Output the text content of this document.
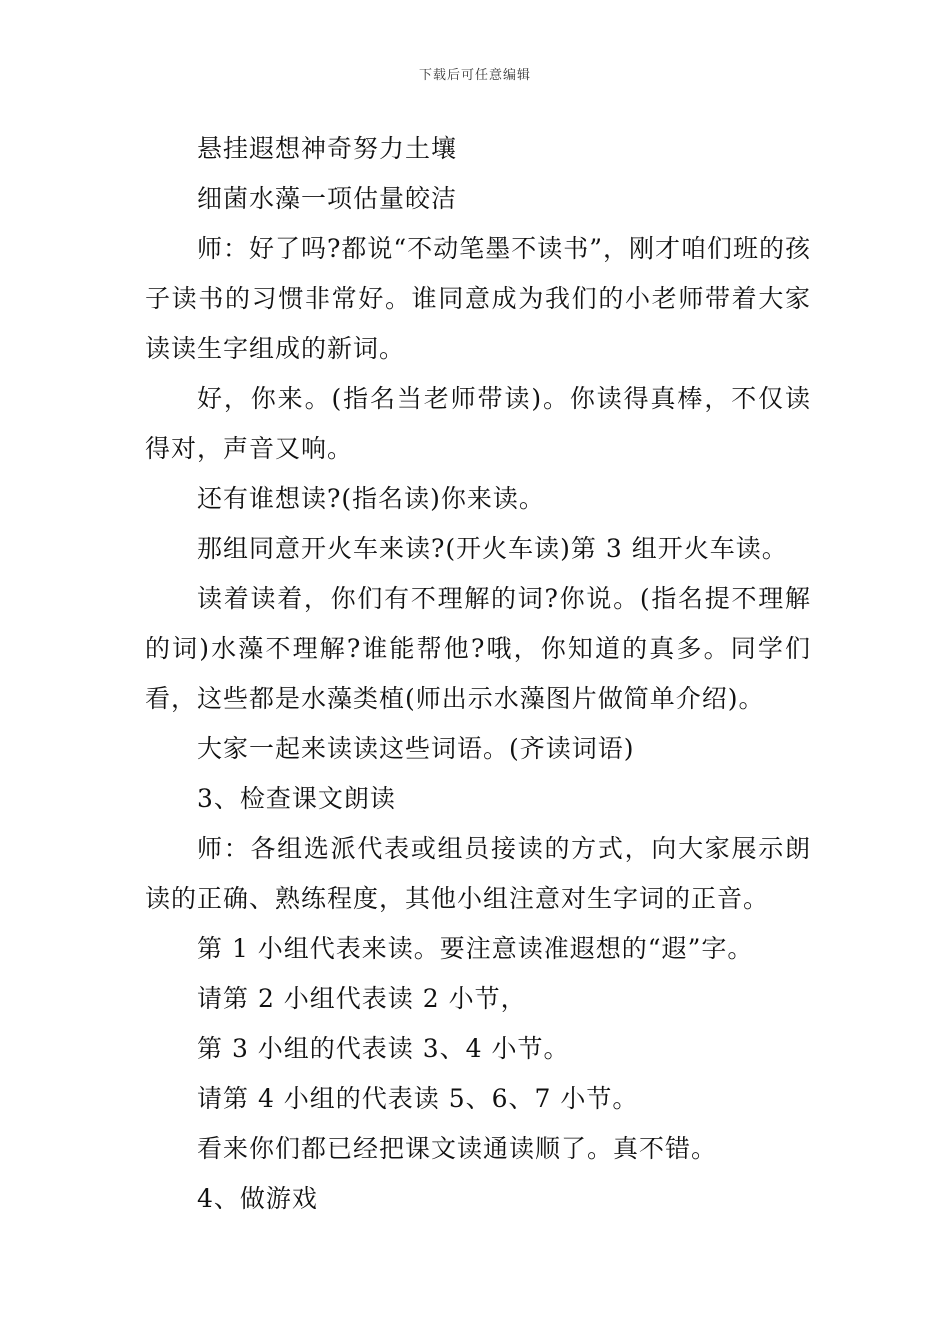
下载后可任意编辑

悬挂遐想神奇努力土壤

细菌水藻一项估量皎洁

师：好了吗?都说“不动笔墨不读书”，刚才咱们班的孩子读书的习惯非常好。谁同意成为我们的小老师带着大家读读生字组成的新词。

好，你来。(指名当老师带读)。你读得真棒，不仅读得对，声音又响。

还有谁想读?(指名读)你来读。

那组同意开火车来读?(开火车读)第 3 组开火车读。

读着读着，你们有不理解的词?你说。(指名提不理解的词)水藻不理解?谁能帮他?哦，你知道的真多。同学们看，这些都是水藻类植(师出示水藻图片做简单介绍)。

大家一起来读读这些词语。(齐读词语)

3、检查课文朗读

师：各组选派代表或组员接读的方式，向大家展示朗读的正确、熟练程度，其他小组注意对生字词的正音。

第 1 小组代表来读。要注意读准遐想的“遐”字。

请第 2 小组代表读 2 小节，

第 3 小组的代表读 3、4 小节。

请第 4 小组的代表读 5、6、7 小节。

看来你们都已经把课文读通读顺了。真不错。

4、做游戏
